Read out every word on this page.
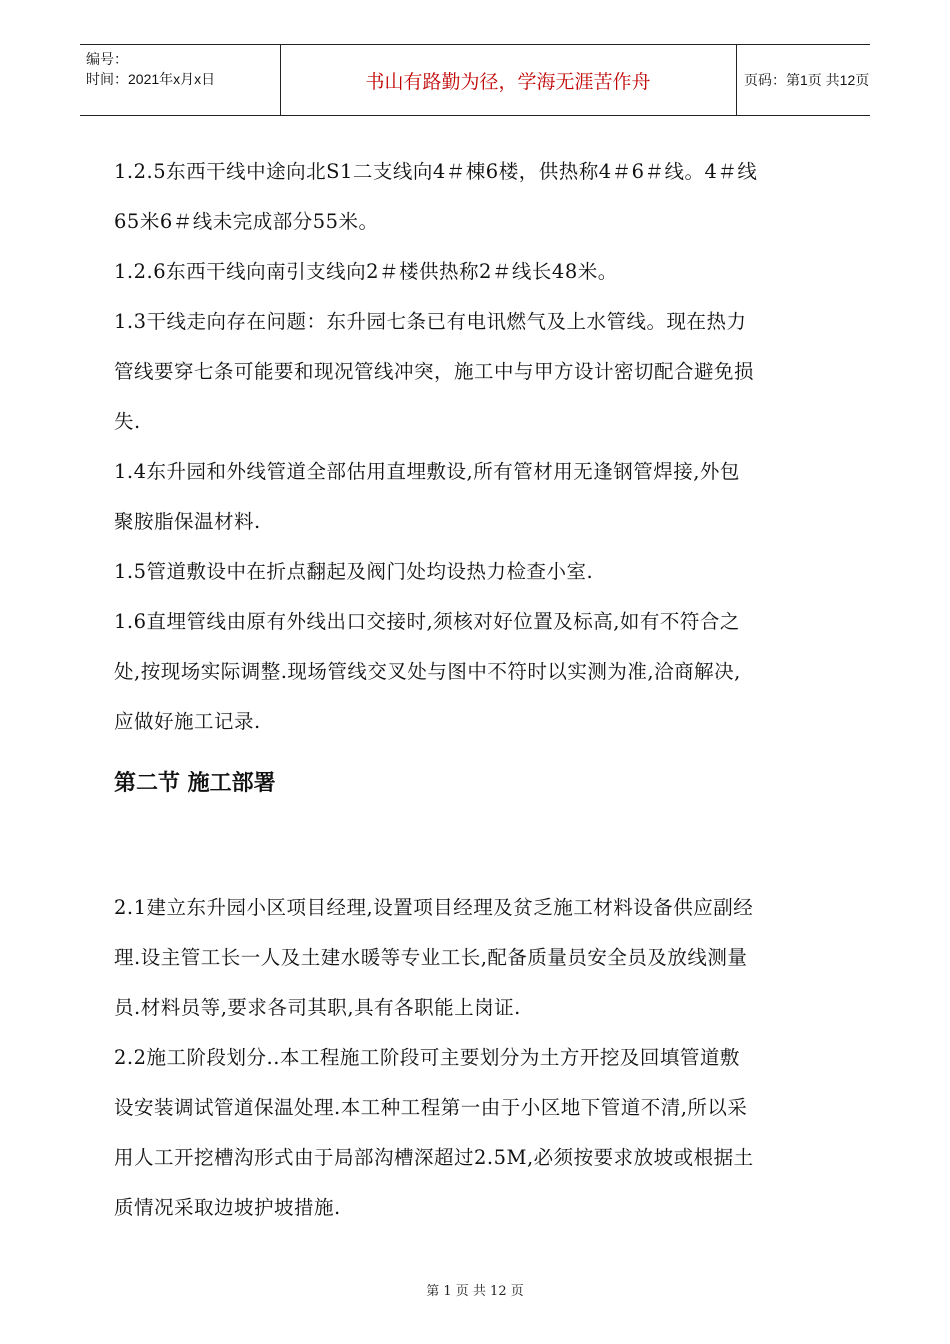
编号：
时间：2021年x月x日	书山有路勤为径，学海无涯苦作舟	页码：第1页 共12页
1.2.5东西干线中途向北S1二支线向4＃棟6楼，供热称4＃6＃线。4＃线
65米6＃线未完成部分55米。
1.2.6东西干线向南引支线向2＃楼供热称2＃线长48米。
1.3干线走向存在问题：东升园七条已有电讯燃气及上水管线。现在热力
管线要穿七条可能要和现况管线冲突，施工中与甲方设计密切配合避免损
失.
1.4东升园和外线管道全部估用直埋敷设,所有管材用无逢钢管焊接,外包
聚胺脂保温材料.
1.5管道敷设中在折点翻起及阀门处均设热力检查小室.
1.6直埋管线由原有外线出口交接时,须核对好位置及标高,如有不符合之
处,按现场实际调整.现场管线交叉处与图中不符时以实测为准,洽商解决,
应做好施工记录.
第二节 施工部署
2.1建立东升园小区项目经理,设置项目经理及贫乏施工材料设备供应副经
理.设主管工长一人及土建水暖等专业工长,配备质量员安全员及放线测量
员.材料员等,要求各司其职,具有各职能上岗证.
2.2施工阶段划分..本工程施工阶段可主要划分为土方开挖及回填管道敷
设安装调试管道保温处理.本工种工程第一由于小区地下管道不清,所以采
用人工开挖槽沟形式由于局部沟槽深超过2.5M,必须按要求放坡或根据土
质情况采取边坡护坡措施.
第 1 页 共 12 页
